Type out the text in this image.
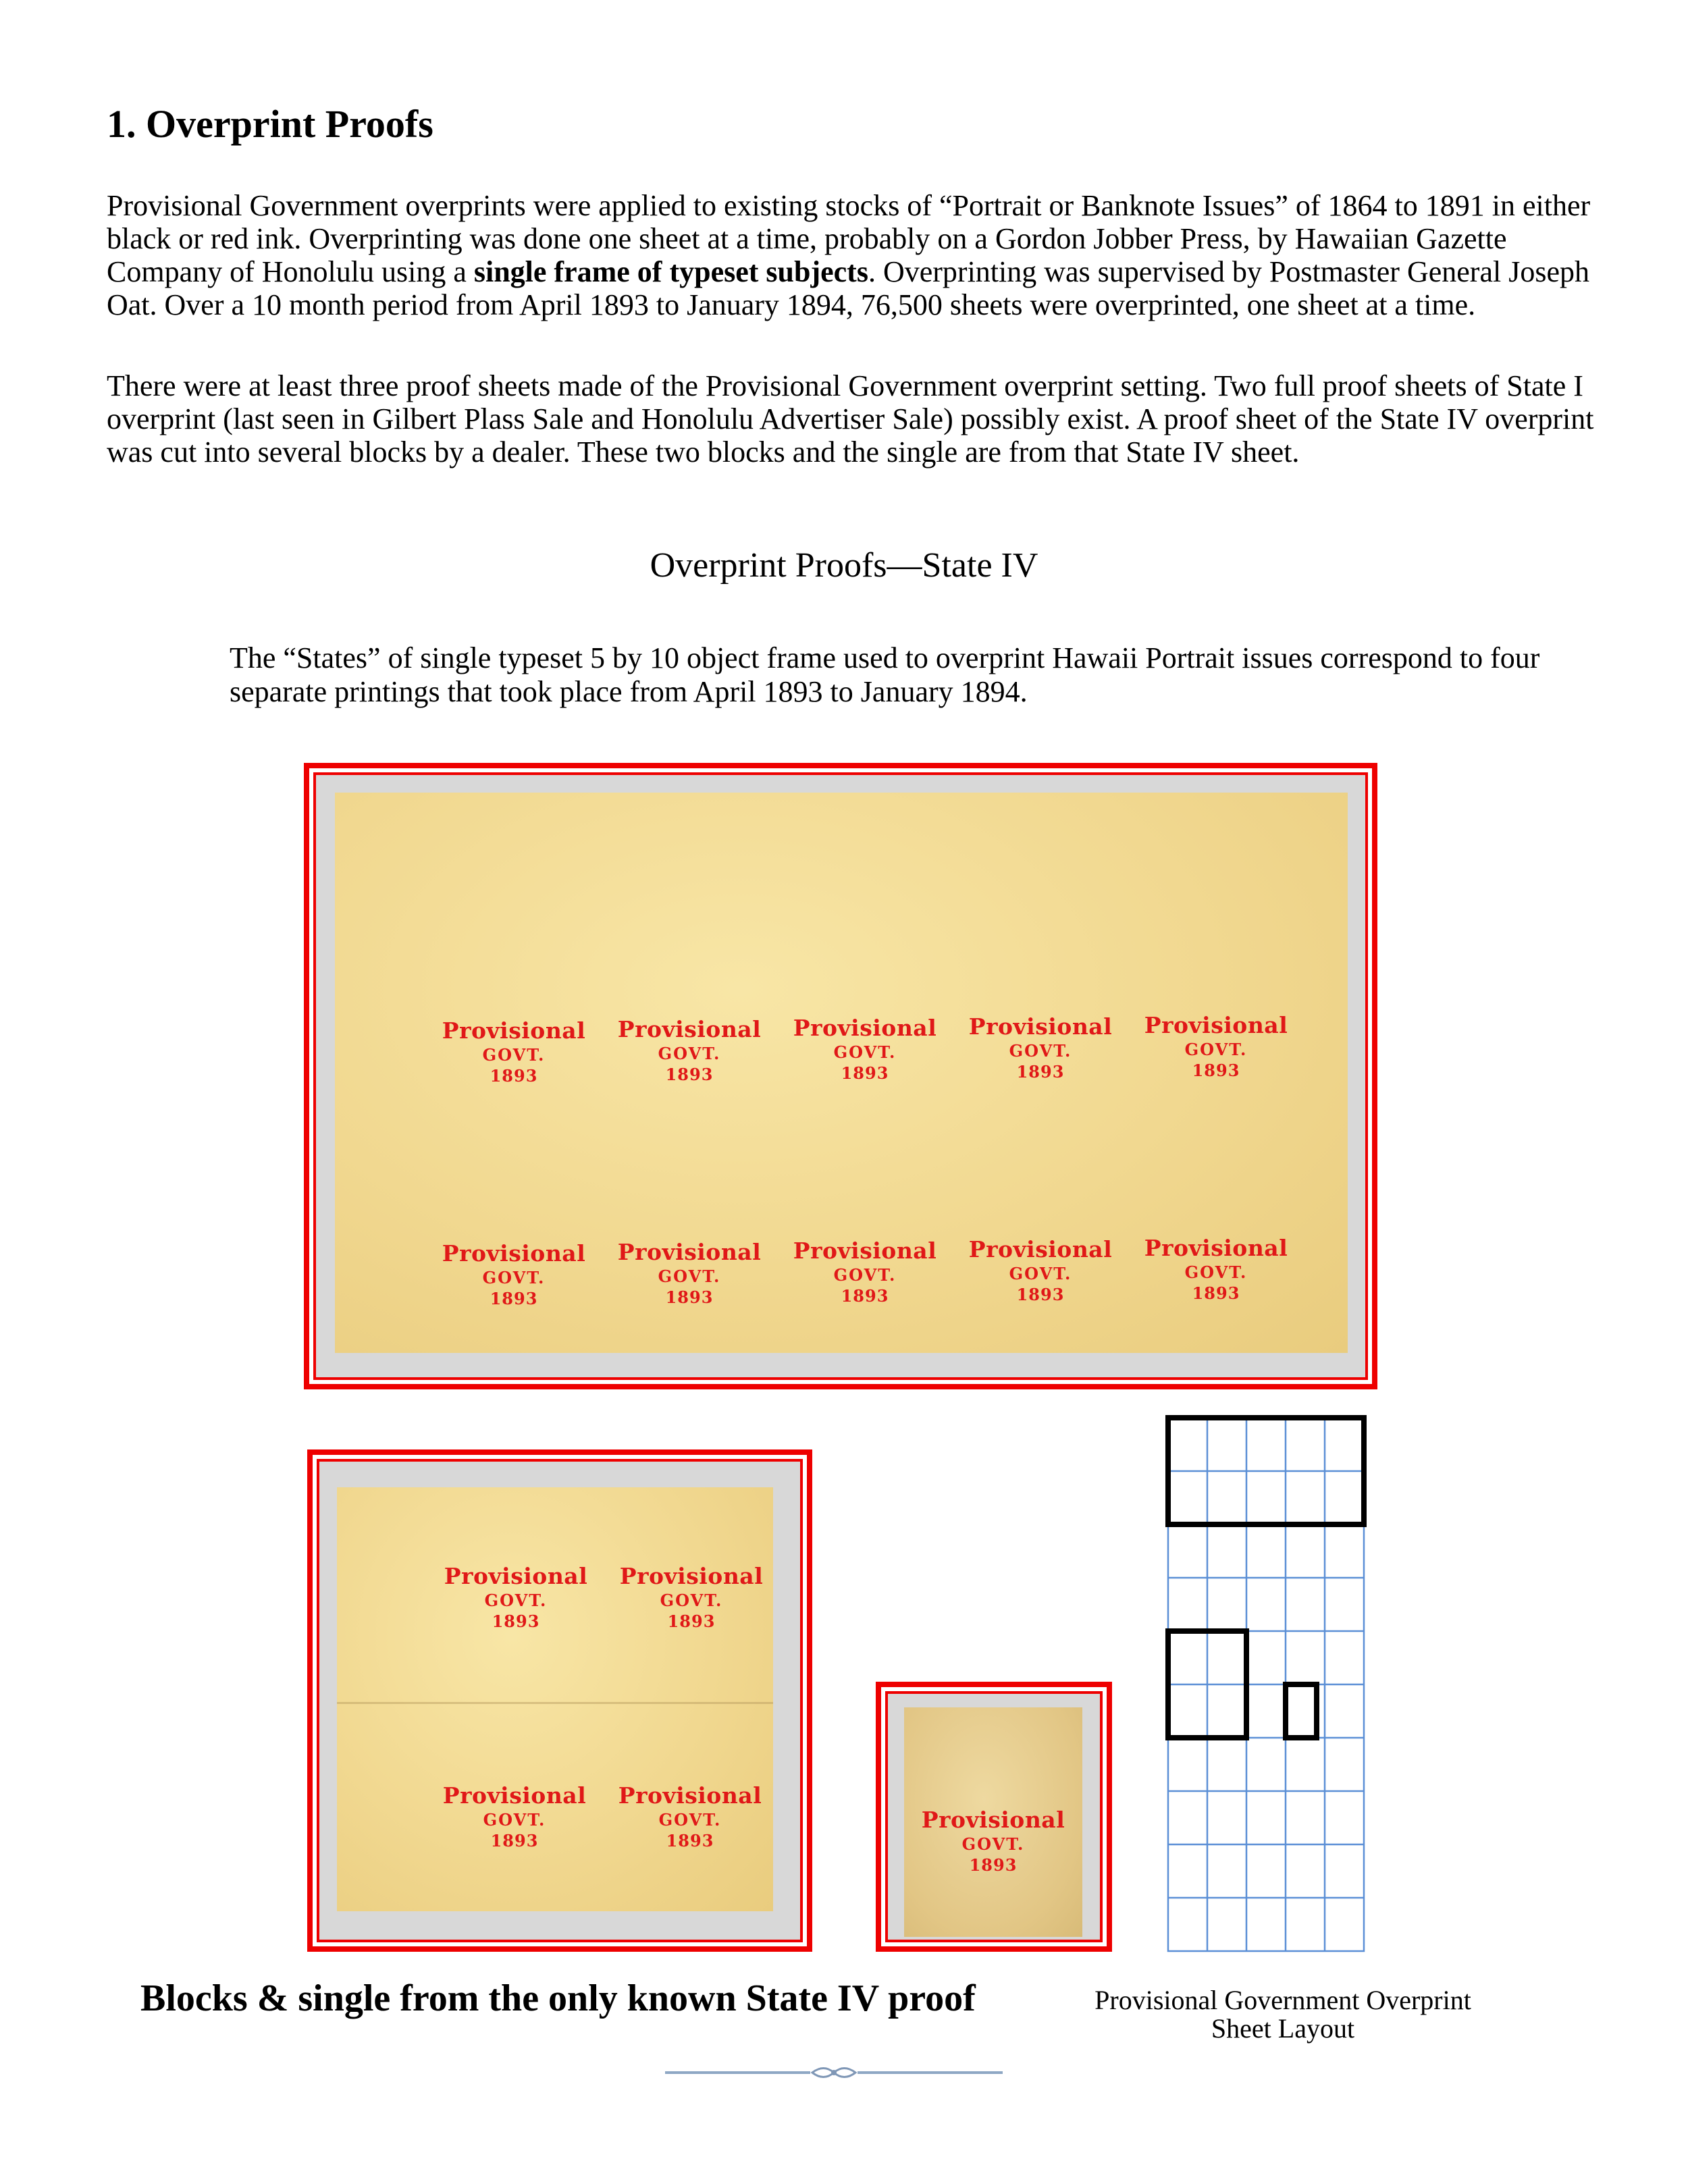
1. Overprint Proofs

Provisional Government overprints were applied to existing stocks of “Portrait or Banknote Issues” of 1864 to 1891 in either black or red ink. Overprinting was done one sheet at a time, probably on a Gordon Jobber Press, by Hawaiian Gazette Company of Honolulu using a single frame of typeset subjects. Overprinting was supervised by Postmaster General Joseph Oat. Over a 10 month period from April 1893 to January 1894, 76,500 sheets were overprinted, one sheet at a time.

There were at least three proof sheets made of the Provisional Government overprint setting. Two full proof sheets of State I overprint (last seen in Gilbert Plass Sale and Honolulu Advertiser Sale) possibly exist. A proof sheet of the State IV overprint was cut into several blocks by a dealer. These two blocks and the single are from that State IV sheet.

Overprint Proofs—State IV
The “States” of single typeset 5 by 10 object frame used to overprint Hawaii Portrait issues correspond to four separate printings that took place from April 1893 to January 1894.
Provisional
GOVT.
1893
Provisional
GOVT.
1893
Provisional
GOVT.
1893
Provisional
GOVT.
1893
Provisional
GOVT.
1893
Provisional
GOVT.
1893
Provisional
GOVT.
1893
Provisional
GOVT.
1893
Provisional
GOVT.
1893
Provisional
GOVT.
1893
Provisional
GOVT.
1893
Provisional
GOVT.
1893
Provisional
GOVT.
1893
Provisional
GOVT.
1893
Provisional
GOVT.
1893
Blocks & single from the only known State IV proof	Provisional Government Overprint
Sheet Layout
